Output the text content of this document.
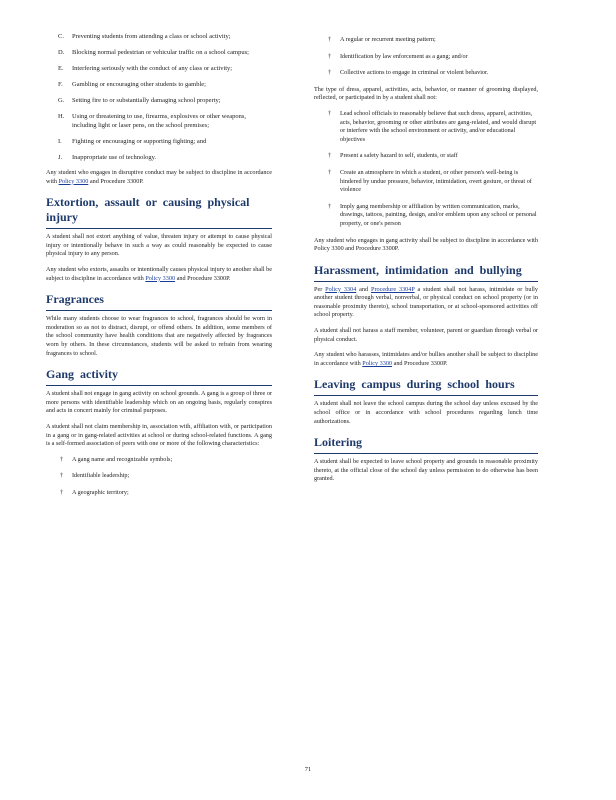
C.	Preventing students from attending a class or school activity;
D.	Blocking normal pedestrian or vehicular traffic on a school campus;
E.	Interfering seriously with the conduct of any class or activity;
F.	Gambling or encouraging other students to gamble;
G.	Setting fire to or substantially damaging school property;
H.	Using or threatening to use, firearms, explosives or other weapons, including light or laser pens, on the school premises;
I.	Fighting or encouraging or supporting fighting; and
J.	Inappropriate use of technology.

Any student who engages in disruptive conduct may be subject to discipline in accordance with Policy 3300 and Procedure 3300P.

Extortion, assault or causing physical injury

A student shall not extort anything of value, threaten injury or attempt to cause physical injury or intentionally behave in such a way as could reasonably be expected to cause physical injury to any person.

Any student who extorts, assaults or intentionally causes physical injury to another shall be subject to discipline in accordance with Policy 3300 and Procedure 3300P.

Fragrances

While many students choose to wear fragrances to school, fragrances should be worn in moderation so as not to distract, disrupt, or offend others. In addition, some members of the school community have health conditions that are negatively affected by fragrances worn by others. In these circumstances, students will be asked to refrain from wearing fragrances to school.

Gang activity

A student shall not engage in gang activity on school grounds. A gang is a group of three or more persons with identifiable leadership which on an ongoing basis, regularly conspires and acts in concert mainly for criminal purposes.

A student shall not claim membership in, association with, affiliation with, or participation in a gang or in gang-related activities at school or during school-related functions. A gang is a self-formed association of peers with one or more of the following characteristics:

†	A gang name and recognizable symbols;
†	Identifiable leadership;
†	A geographic territory;
†	A regular or recurrent meeting pattern;
†	Identification by law enforcement as a gang; and/or
†	Collective actions to engage in criminal or violent behavior.

The type of dress, apparel, activities, acts, behavior, or manner of grooming displayed, reflected, or participated in by a student shall not:

†	Lead school officials to reasonably believe that such dress, apparel, activities, acts, behavior, grooming or other attributes are gang-related, and would disrupt or interfere with the school environment or activity, and/or educational objectives
†	Present a safety hazard to self, students, or staff
†	Create an atmosphere in which a student, or other person's well-being is hindered by undue pressure, behavior, intimidation, overt gesture, or threat of violence
†	Imply gang membership or affiliation by written communication, marks, drawings, tattoos, painting, design, and/or emblem upon any school or personal property, or one's person

Any student who engages in gang activity shall be subject to discipline in accordance with Policy 3300 and Procedure 3300P.

Harassment, intimidation and bullying

Per Policy 3304 and Procedure 3304P a student shall not harass, intimidate or bully another student through verbal, nonverbal, or physical conduct on school property (or in reasonable proximity thereto), school transportation, or at school-sponsored activities off school property.

A student shall not harass a staff member, volunteer, parent or guardian through verbal or physical conduct.

Any student who harasses, intimidates and/or bullies another shall be subject to discipline in accordance with Policy 3300 and Procedure 3300P.

Leaving campus during school hours

A student shall not leave the school campus during the school day unless excused by the school office or in accordance with school procedures regarding lunch time authorizations.

Loitering

A student shall be expected to leave school property and grounds in reasonable proximity thereto, at the official close of the school day unless permission to do otherwise has been granted.

71
